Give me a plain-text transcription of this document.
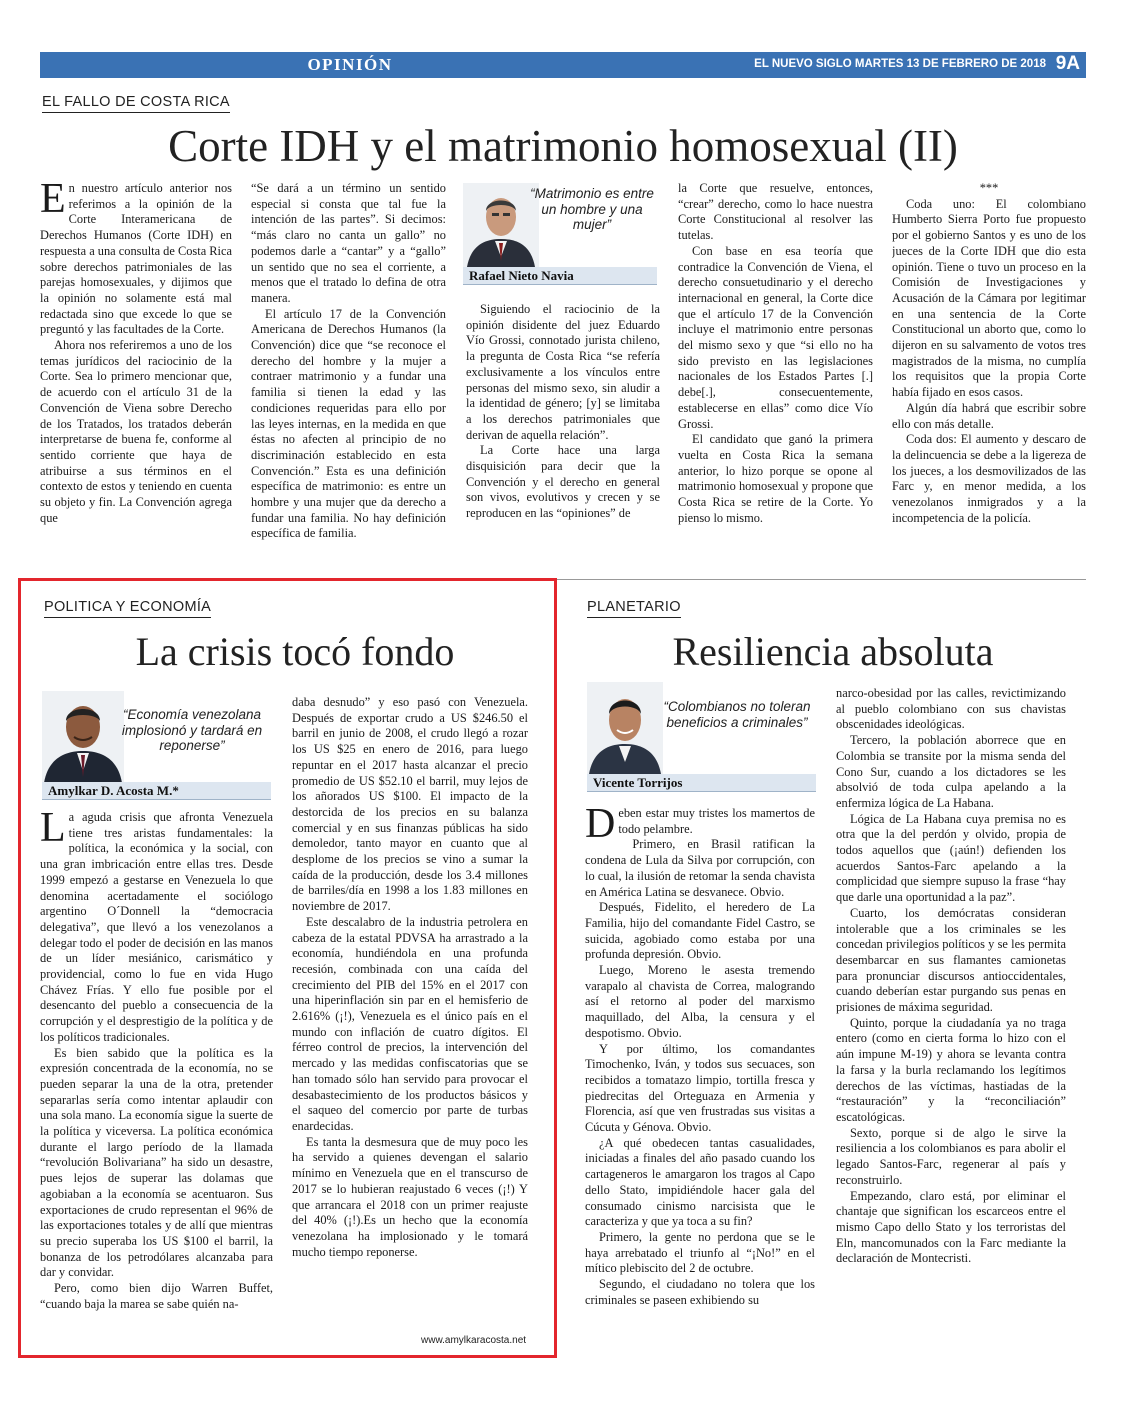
OPINIÓN	EL NUEVO SIGLO MARTES 13 DE FEBRERO DE 2018 9A
EL FALLO DE COSTA RICA
Corte IDH y el matrimonio homosexual (II)

En nuestro artículo anterior nos referimos a la opinión de la Corte Interamericana de Derechos Humanos (Corte IDH) en respuesta a una consulta de Costa Rica sobre derechos patrimoniales de las parejas homosexuales, y dijimos que la opinión no solamente está mal redactada sino que excede lo que se preguntó y las facultades de la Corte.

Ahora nos referiremos a uno de los temas jurídicos del raciocinio de la Corte. Sea lo primero mencionar que, de acuerdo con el artículo 31 de la Convención de Viena sobre Derecho de los Tratados, los tratados deberán interpretarse de buena fe, conforme al sentido corriente que haya de atribuirse a sus términos en el contexto de estos y teniendo en cuenta su objeto y fin. La Convención agrega que

“Se dará a un término un sentido especial si consta que tal fue la intención de las partes”. Si decimos: “más claro no canta un gallo” no podemos darle a “cantar” y a “gallo” un sentido que no sea el corriente, a menos que el tratado lo defina de otra manera.

El artículo 17 de la Convención Americana de Derechos Humanos (la Convención) dice que “se reconoce el derecho del hombre y la mujer a contraer matrimonio y a fundar una familia si tienen la edad y las condiciones requeridas para ello por las leyes internas, en la medida en que éstas no afecten al principio de no discriminación establecido en esta Convención.” Esta es una definición específica de matrimonio: es entre un hombre y una mujer que da derecho a fundar una familia. No hay definición específica de familia.

“Matrimonio es entre un hombre y una mujer”
Rafael Nieto Navia

Siguiendo el raciocinio de la opinión disidente del juez Eduardo Vío Grossi, connotado jurista chileno, la pregunta de Costa Rica “se refería exclusivamente a los vínculos entre personas del mismo sexo, sin aludir a la identidad de género; [y] se limitaba a los derechos patrimoniales que derivan de aquella relación”.

La Corte hace una larga disquisición para decir que la Convención y el derecho en general son vivos, evolutivos y crecen y se reproducen en las “opiniones” de

la Corte que resuelve, entonces, “crear” derecho, como lo hace nuestra Corte Constitucional al resolver las tutelas.

Con base en esa teoría que contradice la Convención de Viena, el derecho consuetudinario y el derecho internacional en general, la Corte dice que el artículo 17 de la Convención incluye el matrimonio entre personas del mismo sexo y que “si ello no ha sido previsto en las legislaciones nacionales de los Estados Partes [.] debe[.], consecuentemente, establecerse en ellas” como dice Vío Grossi.

El candidato que ganó la primera vuelta en Costa Rica la semana anterior, lo hizo porque se opone al matrimonio homosexual y propone que Costa Rica se retire de la Corte. Yo pienso lo mismo.

***

Coda uno: El colombiano Humberto Sierra Porto fue propuesto por el gobierno Santos y es uno de los jueces de la Corte IDH que dio esta opinión. Tiene o tuvo un proceso en la Comisión de Investigaciones y Acusación de la Cámara por legitimar en una sentencia de la Corte Constitucional un aborto que, como lo dijeron en su salvamento de votos tres magistrados de la misma, no cumplía los requisitos que la propia Corte había fijado en esos casos.

Algún día habrá que escribir sobre ello con más detalle.

Coda dos: El aumento y descaro de la delincuencia se debe a la ligereza de los jueces, a los desmovilizados de las Farc y, en menor medida, a los venezolanos inmigrados y a la incompetencia de la policía.

POLITICA Y ECONOMÍA
La crisis tocó fondo
“Economía venezolana implosionó y tardará en reponerse”
Amylkar D. Acosta M.*

La aguda crisis que afronta Venezuela tiene tres aristas fundamentales: la política, la económica y la social, con una gran imbricación entre ellas tres. Desde 1999 empezó a gestarse en Venezuela lo que denomina acertadamente el sociólogo argentino O´Donnell la “democracia delegativa”, que llevó a los venezolanos a delegar todo el poder de decisión en las manos de un líder mesiánico, carismático y providencial, como lo fue en vida Hugo Chávez Frías. Y ello fue posible por el desencanto del pueblo a consecuencia de la corrupción y el desprestigio de la política y de los políticos tradicionales.

Es bien sabido que la política es la expresión concentrada de la economía, no se pueden separar la una de la otra, pretender separarlas sería como intentar aplaudir con una sola mano. La economía sigue la suerte de la política y viceversa. La política económica durante el largo período de la llamada “revolución Bolivariana” ha sido un desastre, pues lejos de superar las dolamas que agobiaban a la economía se acentuaron. Sus exportaciones de crudo representan el 96% de las exportaciones totales y de allí que mientras su precio superaba los US $100 el barril, la bonanza de los petrodólares alcanzaba para dar y convidar.

Pero, como bien dijo Warren Buffet, “cuando baja la marea se sabe quién na-

daba desnudo” y eso pasó con Venezuela. Después de exportar crudo a US $246.50 el barril en junio de 2008, el crudo llegó a rozar los US $25 en enero de 2016, para luego repuntar en el 2017 hasta alcanzar el precio promedio de US $52.10 el barril, muy lejos de los añorados US $100. El impacto de la destorcida de los precios en su balanza comercial y en sus finanzas públicas ha sido demoledor, tanto mayor en cuanto que al desplome de los precios se vino a sumar la caída de la producción, desde los 3.4 millones de barriles/día en 1998 a los 1.83 millones en noviembre de 2017.

Este descalabro de la industria petrolera en cabeza de la estatal PDVSA ha arrastrado a la economía, hundiéndola en una profunda recesión, combinada con una caída del crecimiento del PIB del 15% en el 2017 con una hiperinflación sin par en el hemisferio de 2.616% (¡!), Venezuela es el único país en el mundo con inflación de cuatro dígitos. El férreo control de precios, la intervención del mercado y las medidas confiscatorias que se han tomado sólo han servido para provocar el desabastecimiento de los productos básicos y el saqueo del comercio por parte de turbas enardecidas.

Es tanta la desmesura que de muy poco les ha servido a quienes devengan el salario mínimo en Venezuela que en el transcurso de 2017 se lo hubieran reajustado 6 veces (¡!) Y que arrancara el 2018 con un primer reajuste del 40% (¡!).Es un hecho que la economía venezolana ha implosionado y le tomará mucho tiempo reponerse.

www.amylkaracosta.net
PLANETARIO
Resiliencia absoluta
“Colombianos no toleran beneficios a criminales”
Vicente Torrijos

Deben estar muy tristes los mamertos de todo pelambre.

Primero, en Brasil ratifican la condena de Lula da Silva por corrupción, con lo cual, la ilusión de retomar la senda chavista en América Latina se desvanece. Obvio.

Después, Fidelito, el heredero de La Familia, hijo del comandante Fidel Castro, se suicida, agobiado como estaba por una profunda depresión. Obvio.

Luego, Moreno le asesta tremendo varapalo al chavista de Correa, malogrando así el retorno al poder del marxismo maquillado, del Alba, la censura y el despotismo. Obvio.

Y por último, los comandantes Timochenko, Iván, y todos sus secuaces, son recibidos a tomatazo limpio, tortilla fresca y piedrecitas del Orteguaza en Armenia y Florencia, así que ven frustradas sus visitas a Cúcuta y Génova. Obvio.

¿A qué obedecen tantas casualidades, iniciadas a finales del año pasado cuando los cartageneros le amargaron los tragos al Capo dello Stato, impidiéndole hacer gala del consumado cinismo narcisista que le caracteriza y que ya toca a su fin?

Primero, la gente no perdona que se le haya arrebatado el triunfo al “¡No!” en el mítico plebiscito del 2 de octubre.

Segundo, el ciudadano no tolera que los criminales se paseen exhibiendo su

narco-obesidad por las calles, revictimizando al pueblo colombiano con sus chavistas obscenidades ideológicas.

Tercero, la población aborrece que en Colombia se transite por la misma senda del Cono Sur, cuando a los dictadores se les absolvió de toda culpa apelando a la enfermiza lógica de La Habana.

Lógica de La Habana cuya premisa no es otra que la del perdón y olvido, propia de todos aquellos que (¡aún!) defienden los acuerdos Santos-Farc apelando a la complicidad que siempre supuso la frase “hay que darle una oportunidad a la paz”.

Cuarto, los demócratas consideran intolerable que a los criminales se les concedan privilegios políticos y se les permita desembarcar en sus flamantes camionetas para pronunciar discursos antioccidentales, cuando deberían estar purgando sus penas en prisiones de máxima seguridad.

Quinto, porque la ciudadanía ya no traga entero (como en cierta forma lo hizo con el aún impune M-19) y ahora se levanta contra la farsa y la burla reclamando los legítimos derechos de las víctimas, hastiadas de la “restauración” y la “reconciliación” escatológicas.

Sexto, porque si de algo le sirve la resiliencia a los colombianos es para abolir el legado Santos-Farc, regenerar al país y reconstruirlo.

Empezando, claro está, por eliminar el chantaje que significan los escarceos entre el mismo Capo dello Stato y los terroristas del Eln, mancomunados con la Farc mediante la declaración de Montecristi.
